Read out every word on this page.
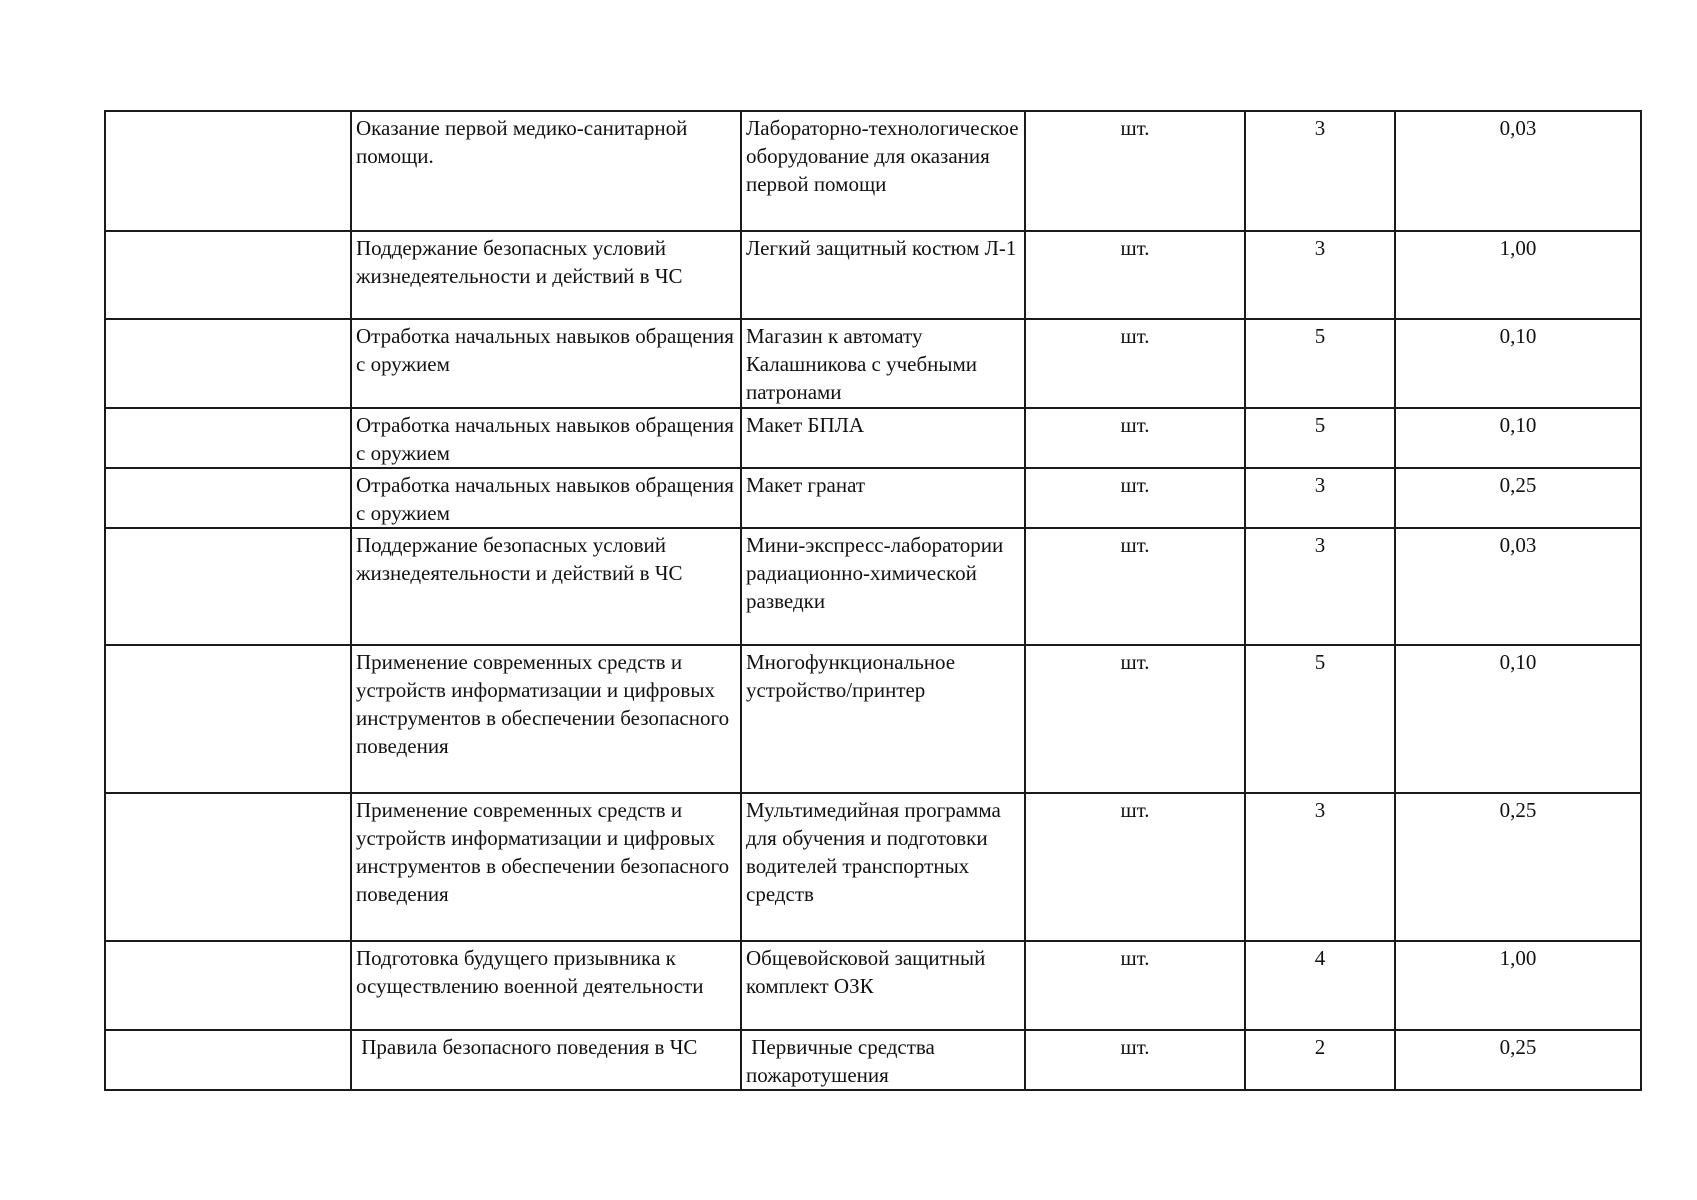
	Оказание первой медико-санитарной помощи.	Лабораторно-технологическое оборудование для оказания первой помощи	шт.	3	0,03
	Поддержание безопасных условий жизнедеятельности и действий в ЧС	Легкий защитный костюм Л-1	шт.	3	1,00
	Отработка начальных навыков обращения с оружием	Магазин к автомату Калашникова с учебными патронами	шт.	5	0,10
	Отработка начальных навыков обращения с оружием	Макет БПЛА	шт.	5	0,10
	Отработка начальных навыков обращения с оружием	Макет гранат	шт.	3	0,25
	Поддержание безопасных условий жизнедеятельности и действий в ЧС	Мини-экспресс-лаборатории радиационно-химической разведки	шт.	3	0,03
	Применение современных средств и устройств информатизации и цифровых инструментов в обеспечении безопасного поведения	Многофункциональное устройство/принтер	шт.	5	0,10
	Применение современных средств и устройств информатизации и цифровых инструментов в обеспечении безопасного поведения	Мультимедийная программа для обучения и подготовки водителей транспортных средств	шт.	3	0,25
	Подготовка будущего призывника к осуществлению военной деятельности	Общевойсковой защитный комплект ОЗК	шт.	4	1,00
	Правила безопасного поведения в ЧС	Первичные средства пожаротушения	шт.	2	0,25
